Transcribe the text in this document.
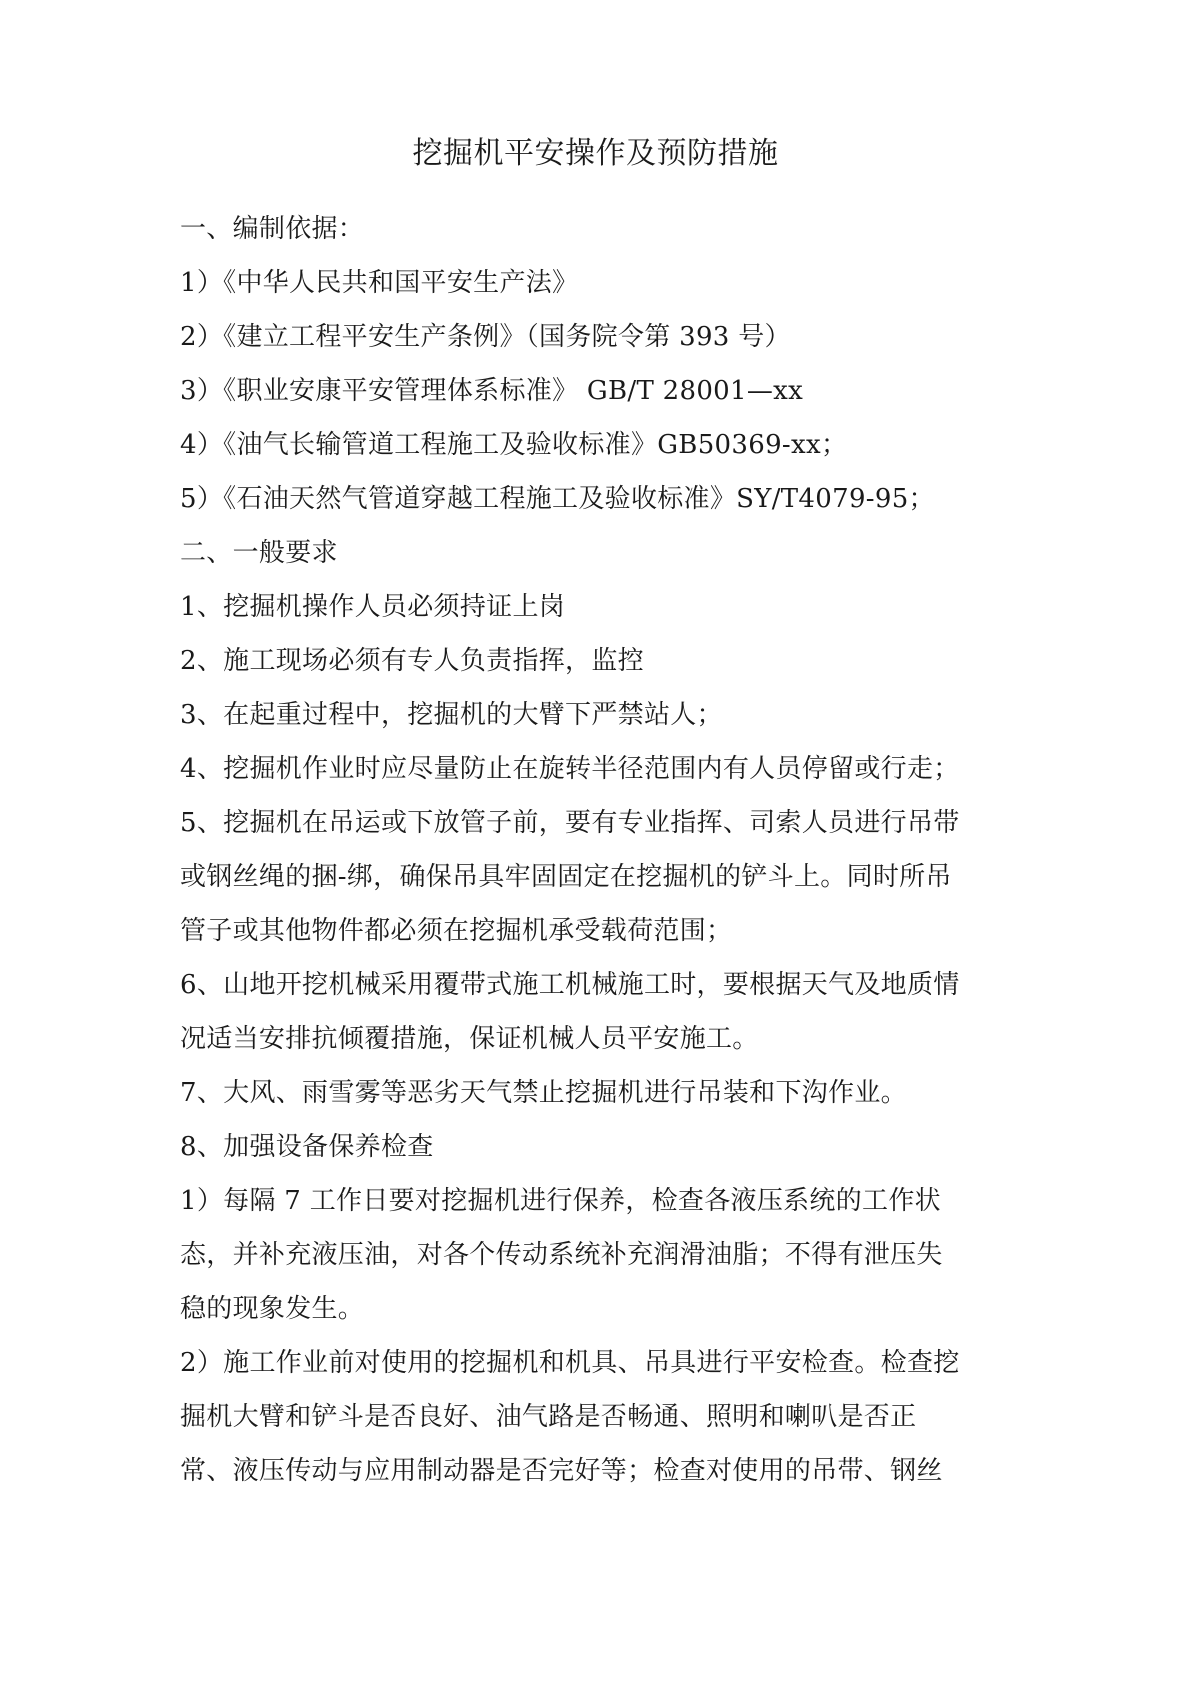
挖掘机平安操作及预防措施
一、编制依据：
1）《中华人民共和国平安生产法》
2）《建立工程平安生产条例》（国务院令第 393 号）
3）《职业安康平安管理体系标准》 GB/T 28001—xx
4）《油气长输管道工程施工及验收标准》GB50369-xx；
5）《石油天然气管道穿越工程施工及验收标准》SY/T4079-95；
二、一般要求
1、挖掘机操作人员必须持证上岗
2、施工现场必须有专人负责指挥，监控
3、在起重过程中，挖掘机的大臂下严禁站人；
4、挖掘机作业时应尽量防止在旋转半径范围内有人员停留或行走；
5、挖掘机在吊运或下放管子前，要有专业指挥、司索人员进行吊带
或钢丝绳的捆-绑，确保吊具牢固固定在挖掘机的铲斗上。同时所吊
管子或其他物件都必须在挖掘机承受载荷范围；
6、山地开挖机械采用覆带式施工机械施工时，要根据天气及地质情
况适当安排抗倾覆措施，保证机械人员平安施工。
7、大风、雨雪雾等恶劣天气禁止挖掘机进行吊装和下沟作业。
8、加强设备保养检查
1）每隔 7 工作日要对挖掘机进行保养，检查各液压系统的工作状
态，并补充液压油，对各个传动系统补充润滑油脂；不得有泄压失
稳的现象发生。
2）施工作业前对使用的挖掘机和机具、吊具进行平安检查。检查挖
掘机大臂和铲斗是否良好、油气路是否畅通、照明和喇叭是否正
常、液压传动与应用制动器是否完好等；检查对使用的吊带、钢丝
